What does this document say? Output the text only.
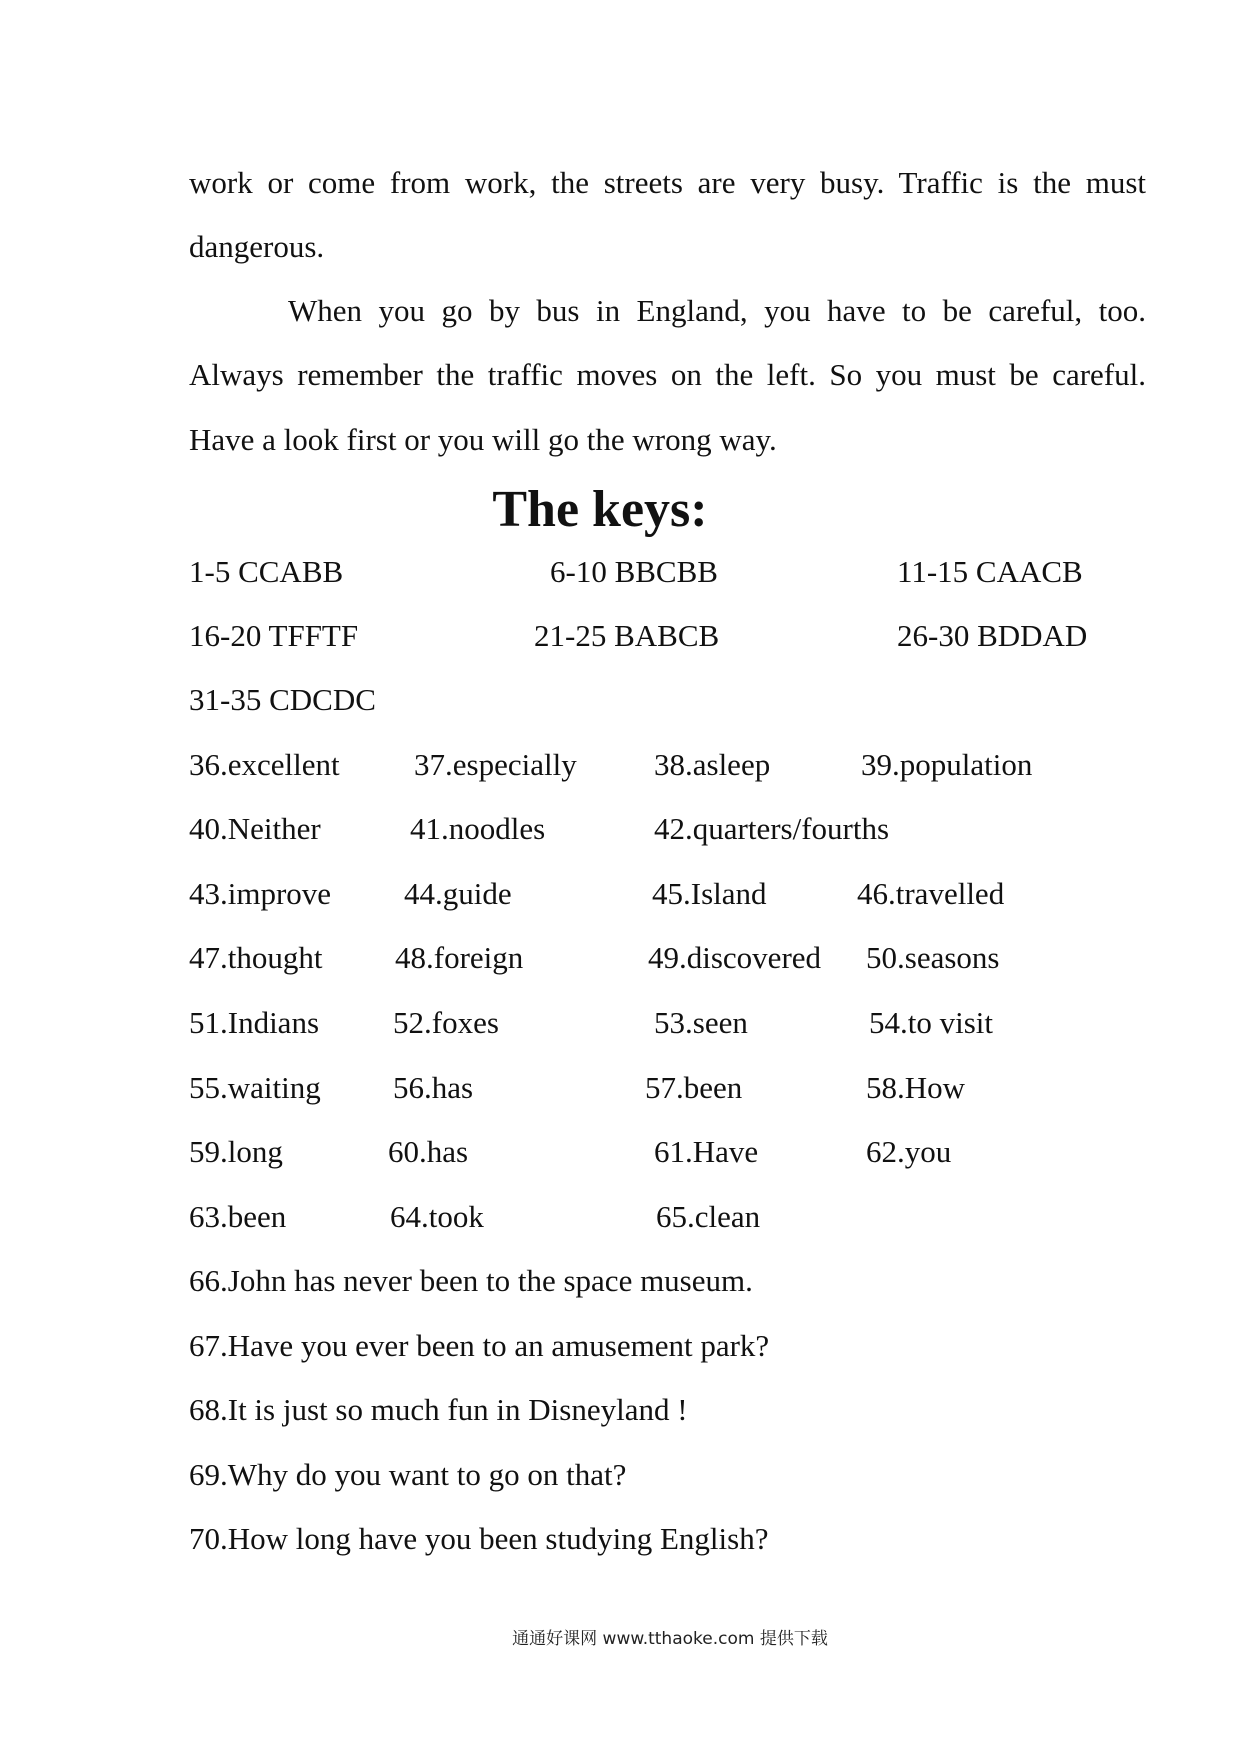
work or come from work, the streets are very busy. Traffic is the must
dangerous.
When you go by bus in England, you have to be careful, too.
Always remember the traffic moves on the left. So you must be careful.
Have a look first or you will go the wrong way.
The keys:
1-5 CCABB	6-10 BBCBB	11-15 CAACB
16-20 TFFTF	21-25 BABCB	26-30 BDDAD
31-35 CDCDC
36.excellent 37.especially 38.asleep	39.population
40.Neither	41.noodles	42.quarters/fourths
43.improve 44.guide	45.Island	46.travelled
47.thought 48.foreign	49.discovered 50.seasons
51.Indians 52.foxes	53.seen	54.to visit
55.waiting 56.has	57.been	58.How
59.long	60.has	61.Have	62.you
63.been	64.took	65.clean
66.John has never been to the space museum.
67.Have you ever been to an amusement park?
68.It is just so much fun in Disneyland !
69.Why do you want to go on that?
70.How long have you been studying English?
通通好课网 www.tthaoke.com 提供下载
